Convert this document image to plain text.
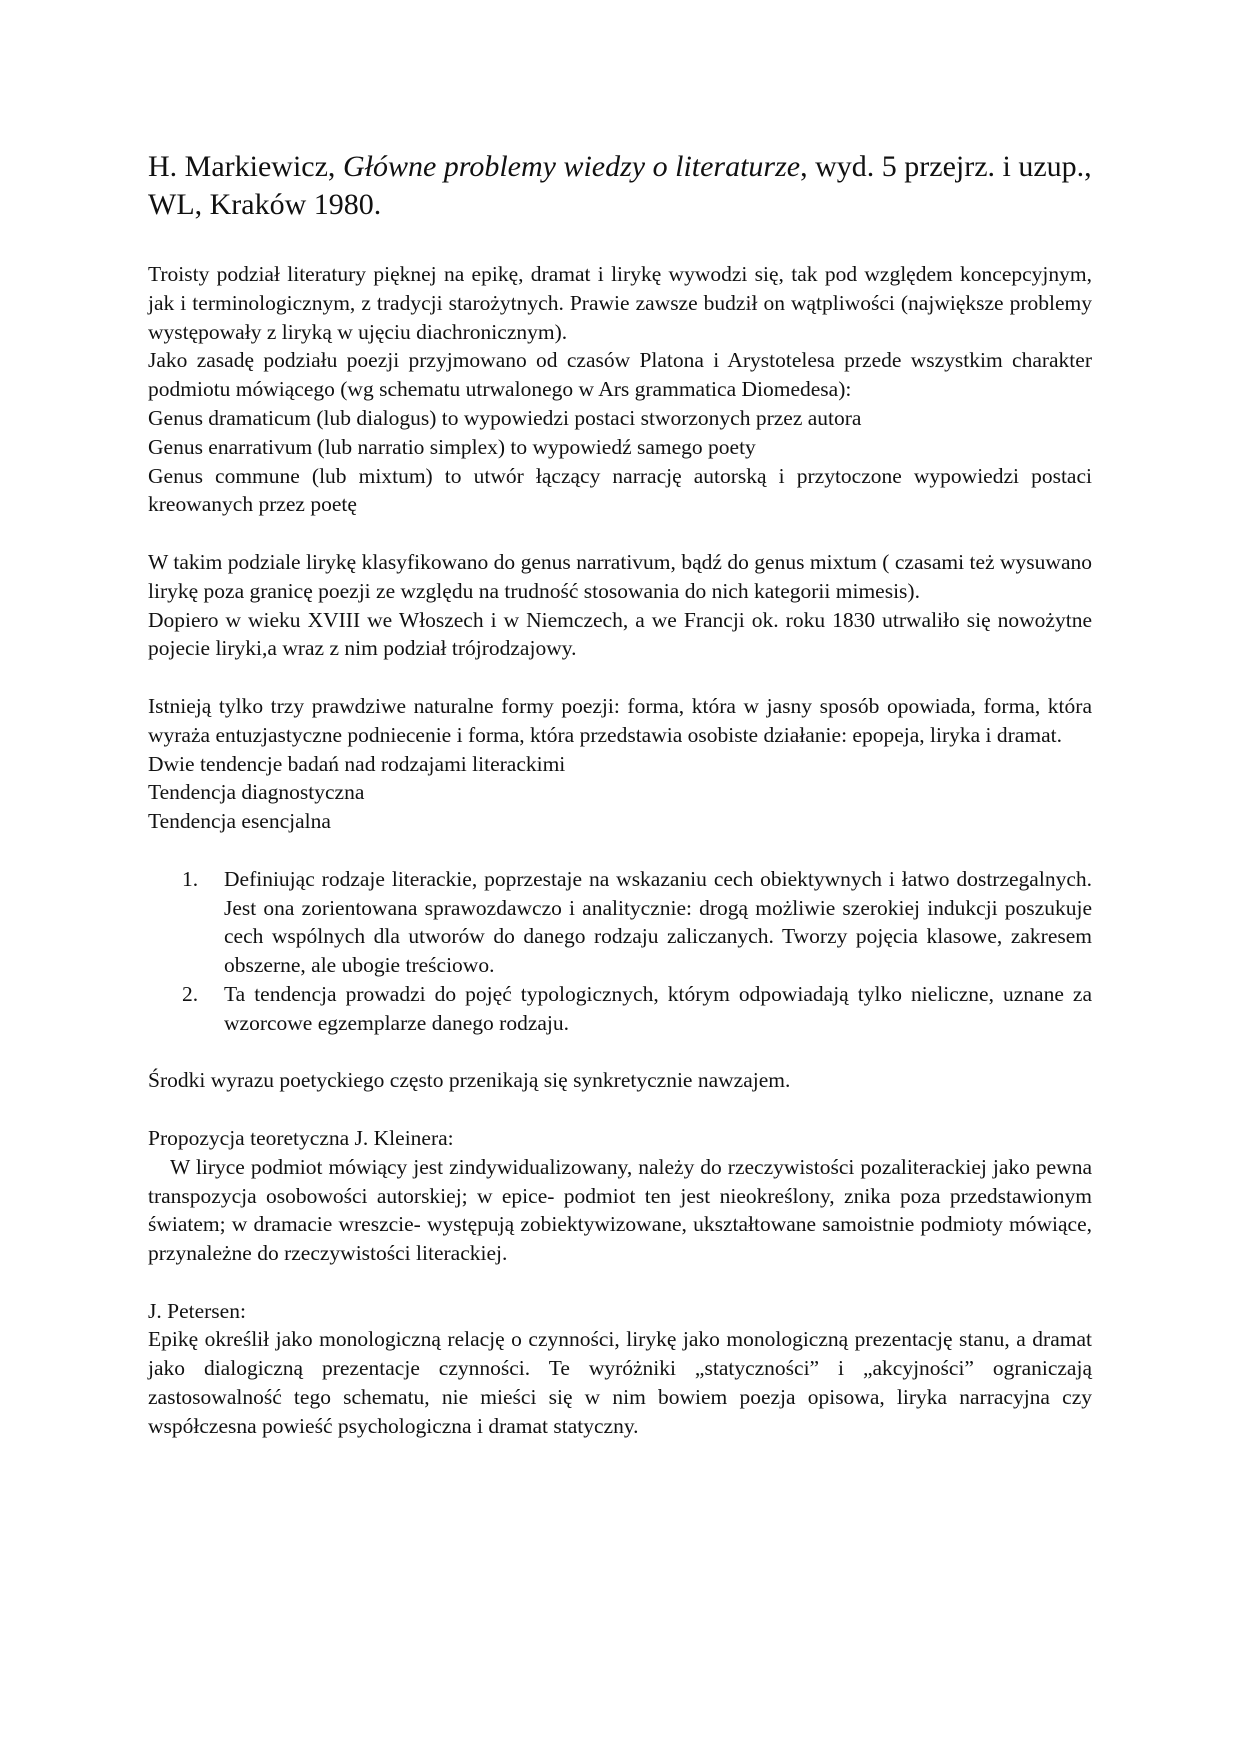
H. Markiewicz, Główne problemy wiedzy o literaturze, wyd. 5 przejrz. i uzup., WL, Kraków 1980.

Troisty podział literatury pięknej na epikę, dramat i lirykę wywodzi się, tak pod względem koncepcyjnym, jak i terminologicznym, z tradycji starożytnych. Prawie zawsze budził on wątpliwości (największe problemy występowały z liryką w ujęciu diachronicznym).

Jako zasadę podziału poezji przyjmowano od czasów Platona i Arystotelesa przede wszystkim charakter podmiotu mówiącego (wg schematu utrwalonego w Ars grammatica Diomedesa):

Genus dramaticum (lub dialogus) to wypowiedzi postaci stworzonych przez autora

Genus enarrativum (lub narratio simplex) to wypowiedź samego poety

Genus commune (lub mixtum) to utwór łączący narrację autorską i przytoczone wypowiedzi postaci kreowanych przez poetę

W takim podziale lirykę klasyfikowano do genus narrativum, bądź do genus mixtum ( czasami też wysuwano lirykę poza granicę poezji ze względu na trudność stosowania do nich kategorii mimesis).

Dopiero w wieku XVIII we Włoszech i w Niemczech, a we Francji ok. roku 1830 utrwaliło się nowożytne pojecie liryki,a wraz z nim podział trójrodzajowy.

Istnieją tylko trzy prawdziwe naturalne formy poezji: forma, która w jasny sposób opowiada, forma, która wyraża entuzjastyczne podniecenie i forma, która przedstawia osobiste działanie: epopeja, liryka i dramat.

Dwie tendencje badań nad rodzajami literackimi

Tendencja diagnostyczna

Tendencja esencjalna

1. Definiując rodzaje literackie, poprzestaje na wskazaniu cech obiektywnych i łatwo dostrzegalnych. Jest ona zorientowana sprawozdawczo i analitycznie: drogą możliwie szerokiej indukcji poszukuje cech wspólnych dla utworów do danego rodzaju zaliczanych. Tworzy pojęcia klasowe, zakresem obszerne, ale ubogie treściowo.
2. Ta tendencja prowadzi do pojęć typologicznych, którym odpowiadają tylko nieliczne, uznane za wzorcowe egzemplarze danego rodzaju.

Środki wyrazu poetyckiego często przenikają się synkretycznie nawzajem.

Propozycja teoretyczna J. Kleinera:

W liryce podmiot mówiący jest zindywidualizowany, należy do rzeczywistości pozaliterackiej jako pewna transpozycja osobowości autorskiej; w epice- podmiot ten jest nieokreślony, znika poza przedstawionym światem; w dramacie wreszcie- występują zobiektywizowane, ukształtowane samoistnie podmioty mówiące, przynależne do rzeczywistości literackiej.

J. Petersen:

Epikę określił jako monologiczną relację o czynności, lirykę jako monologiczną prezentację stanu, a dramat jako dialogiczną prezentacje czynności. Te wyróżniki „statyczności” i „akcyjności” ograniczają zastosowalność tego schematu, nie mieści się w nim bowiem poezja opisowa, liryka narracyjna czy współczesna powieść psychologiczna i dramat statyczny.
